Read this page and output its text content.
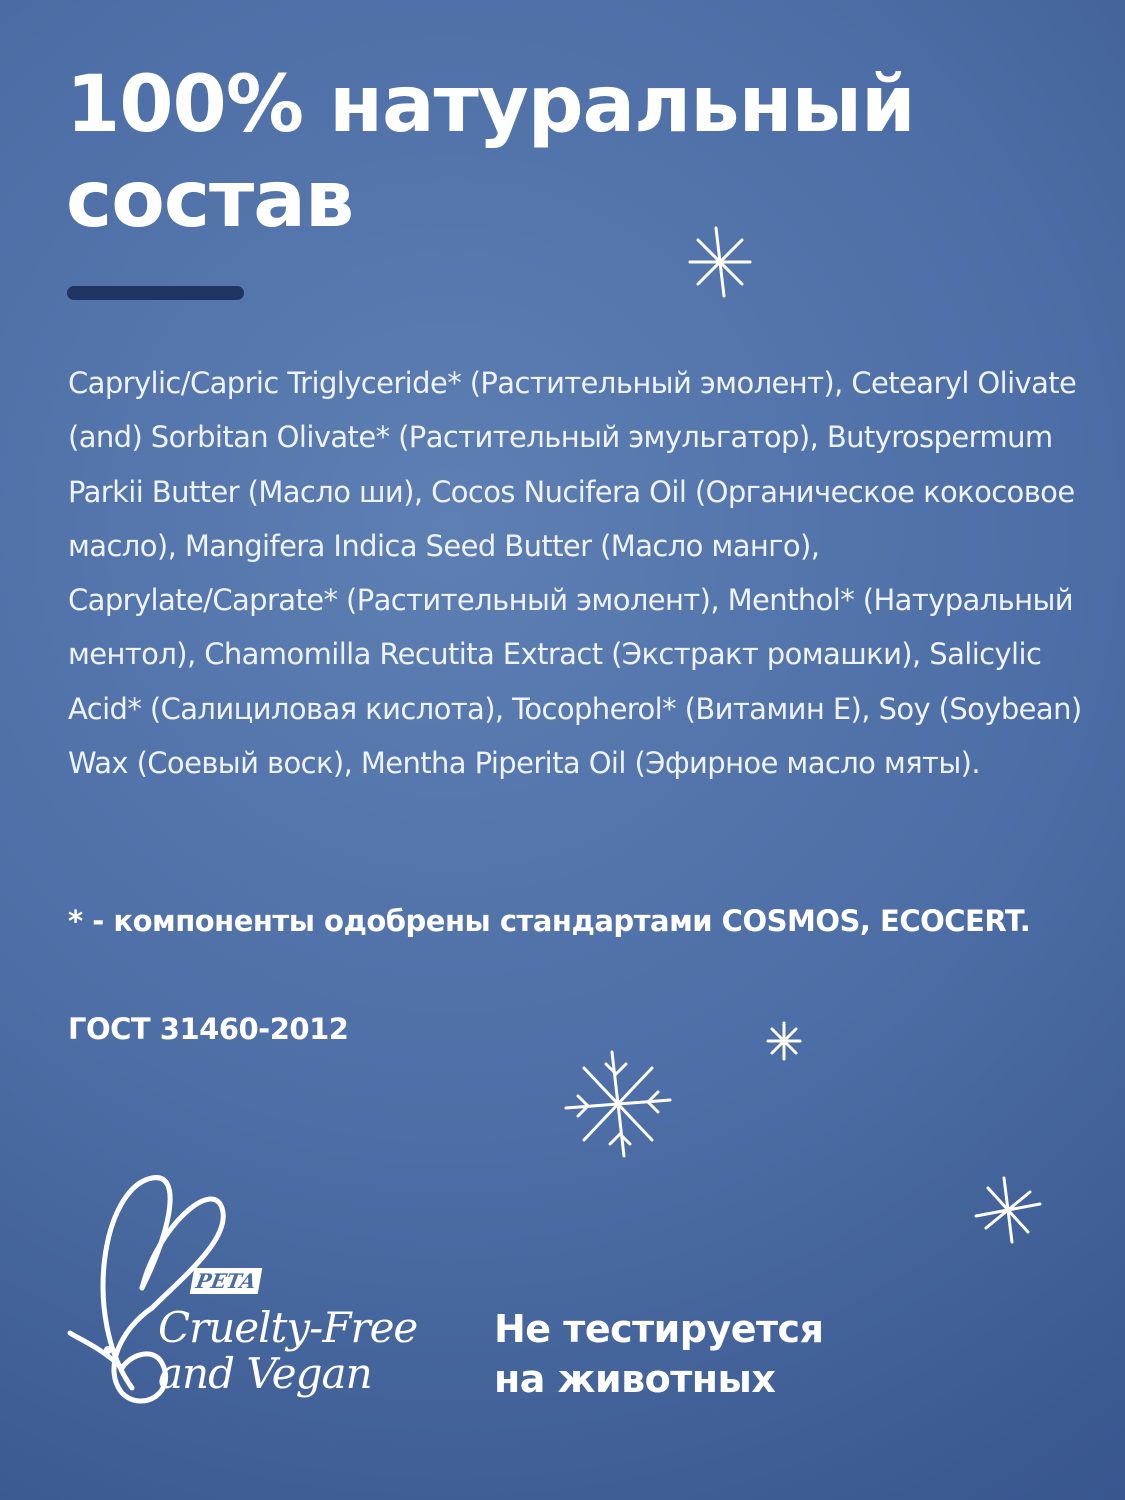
100% натуральный
состав

Caprylic/Capric Triglyceride* (Растительный эмолент), Cetearyl Olivate (and) Sorbitan Olivate* (Растительный эмульгатор), Butyrospermum Parkii Butter (Масло ши), Cocos Nucifera Oil (Органическое кокосовое масло), Mangifera Indica Seed Butter (Масло манго), Caprylate/Caprate* (Растительный эмолент), Menthol* (Натуральный ментол), Chamomilla Recutita Extract (Экстракт ромашки), Salicylic Acid* (Салициловая кислота), Tocopherol* (Витамин Е), Soy (Soybean) Wax (Соевый воск), Mentha Piperita Oil (Эфирное масло мяты).

* - компоненты одобрены стандартами COSMOS, ECOCERT.

ГОСТ 31460-2012

PETA
Cruelty-Free
and Vegan

Не тестируется
на животных
